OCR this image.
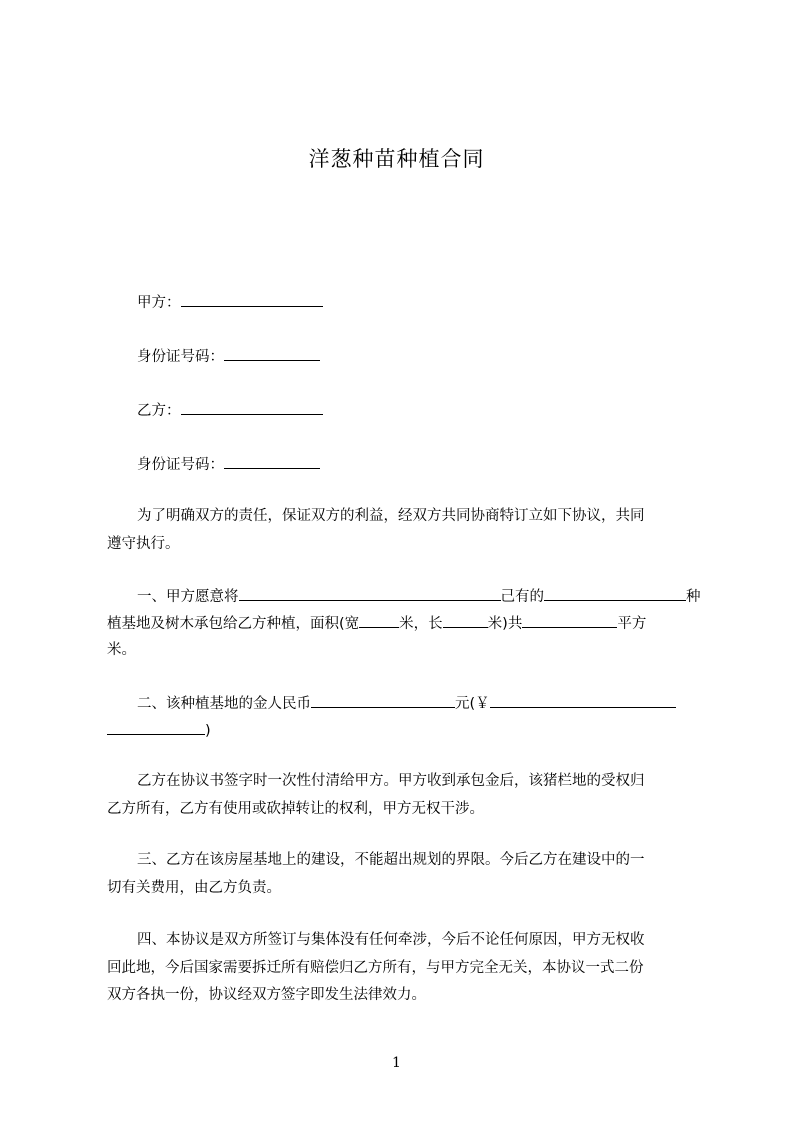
洋葱种苗种植合同
甲方：
身份证号码：
乙方：
身份证号码：
为了明确双方的责任，保证双方的利益，经双方共同协商特订立如下协议，共同
遵守执行。
一、甲方愿意将	己有的	种
植基地及树木承包给乙方种植，面积(宽	米，长	米)共	平方
米。
二、该种植基地的金人民币	元(￥
)
乙方在协议书签字时一次性付清给甲方。甲方收到承包金后，该猪栏地的受权归
乙方所有，乙方有使用或砍掉转让的权利，甲方无权干涉。
三、乙方在该房屋基地上的建设，不能超出规划的界限。今后乙方在建设中的一
切有关费用，由乙方负责。
四、本协议是双方所签订与集体没有任何牵涉，今后不论任何原因，甲方无权收
回此地，今后国家需要拆迁所有赔偿归乙方所有，与甲方完全无关，本协议一式二份
双方各执一份，协议经双方签字即发生法律效力。
1
